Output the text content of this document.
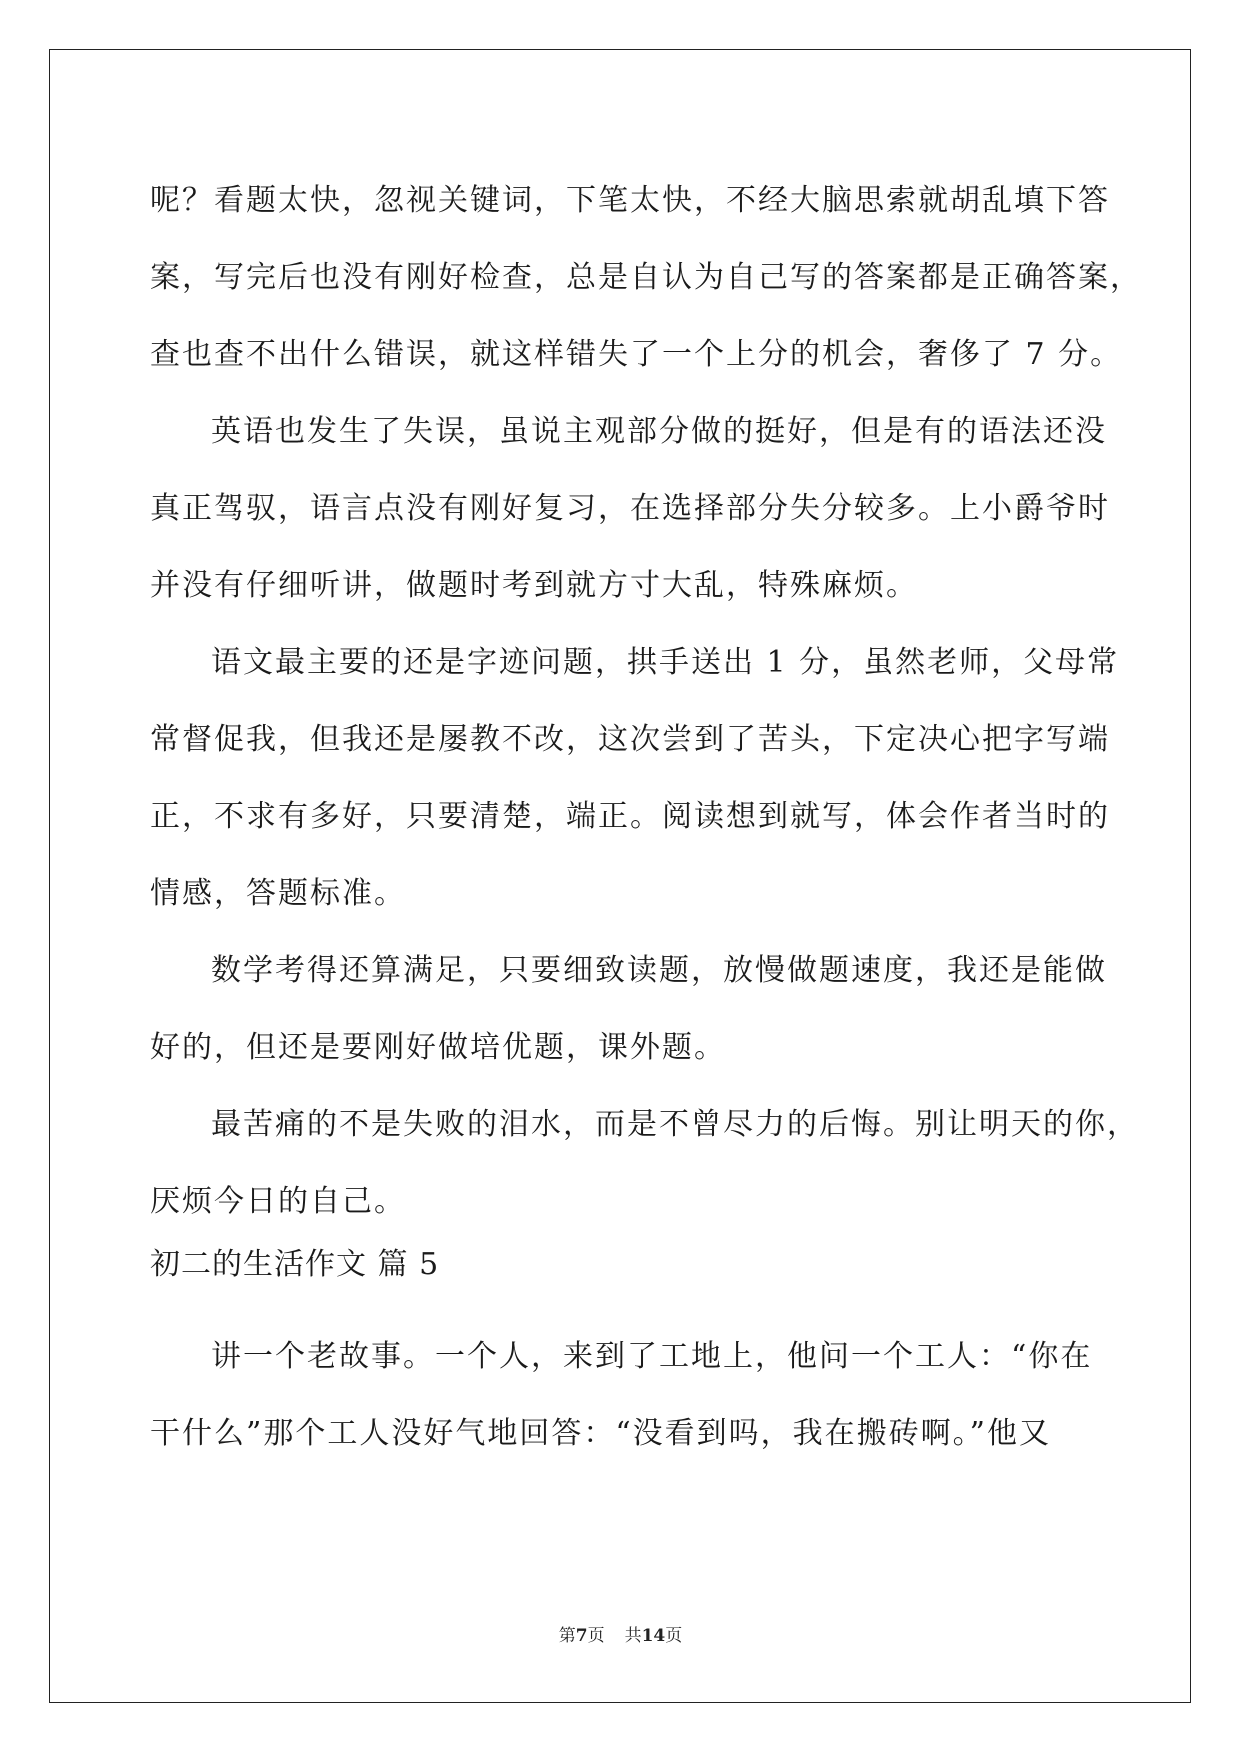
呢？看题太快，忽视关键词，下笔太快，不经大脑思索就胡乱填下答
案，写完后也没有刚好检查，总是自认为自己写的答案都是正确答案，
查也查不出什么错误，就这样错失了一个上分的机会，奢侈了 7 分。
英语也发生了失误，虽说主观部分做的挺好，但是有的语法还没
真正驾驭，语言点没有刚好复习，在选择部分失分较多。上小爵爷时
并没有仔细听讲，做题时考到就方寸大乱，特殊麻烦。
语文最主要的还是字迹问题，拱手送出 1 分，虽然老师，父母常
常督促我，但我还是屡教不改，这次尝到了苦头，下定决心把字写端
正，不求有多好，只要清楚，端正。阅读想到就写，体会作者当时的
情感，答题标准。
数学考得还算满足，只要细致读题，放慢做题速度，我还是能做
好的，但还是要刚好做培优题，课外题。
最苦痛的不是失败的泪水，而是不曾尽力的后悔。别让明天的你，
厌烦今日的自己。
初二的生活作文 篇 5
讲一个老故事。一个人，来到了工地上，他问一个工人：“你在
干什么”那个工人没好气地回答：“没看到吗，我在搬砖啊。”他又
第7页 共14页
